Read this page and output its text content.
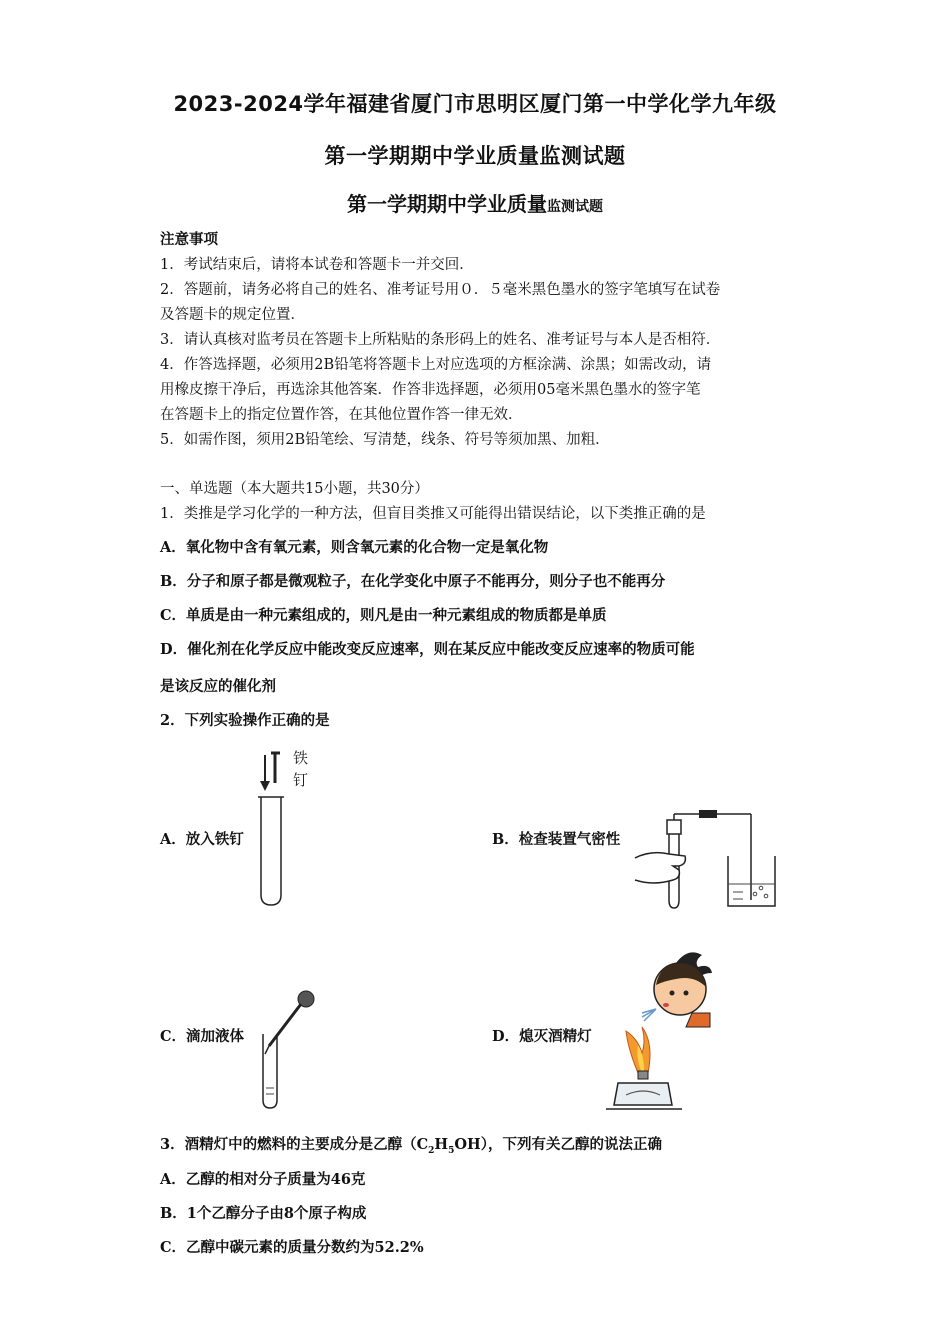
2023-2024学年福建省厦门市思明区厦门第一中学化学九年级
第一学期期中学业质量监测试题
第一学期期中学业质量监测试题
注意事项
1．考试结束后，请将本试卷和答题卡一并交回．
2．答题前，请务必将自己的姓名、准考证号用０．５毫米黑色墨水的签字笔填写在试卷
及答题卡的规定位置．
3．请认真核对监考员在答题卡上所粘贴的条形码上的姓名、准考证号与本人是否相符．
4．作答选择题，必须用2B铅笔将答题卡上对应选项的方框涂满、涂黑；如需改动，请
用橡皮擦干净后，再选涂其他答案．作答非选择题，必须用05毫米黑色墨水的签字笔
在答题卡上的指定位置作答，在其他位置作答一律无效．
5．如需作图，须用2B铅笔绘、写清楚，线条、符号等须加黑、加粗．
一、单选题（本大题共15小题，共30分）
1．类推是学习化学的一种方法，但盲目类推又可能得出错误结论，以下类推正确的是
A．氧化物中含有氧元素，则含氧元素的化合物一定是氧化物
B．分子和原子都是微观粒子，在化学变化中原子不能再分，则分子也不能再分
C．单质是由一种元素组成的，则凡是由一种元素组成的物质都是单质
D．催化剂在化学反应中能改变反应速率，则在某反应中能改变反应速率的物质可能
是该反应的催化剂
2．下列实验操作正确的是
A．放入铁钉
铁
钉
B．检查装置气密性
C．滴加液体	D．熄灭酒精灯
3．酒精灯中的燃料的主要成分是乙醇$(C_2H_5OH)$，下列有关乙醇的说法正确
A．乙醇的相对分子质量为46克
B．1个乙醇分子由8个原子构成
C．乙醇中碳元素的质量分数约为52.2%
